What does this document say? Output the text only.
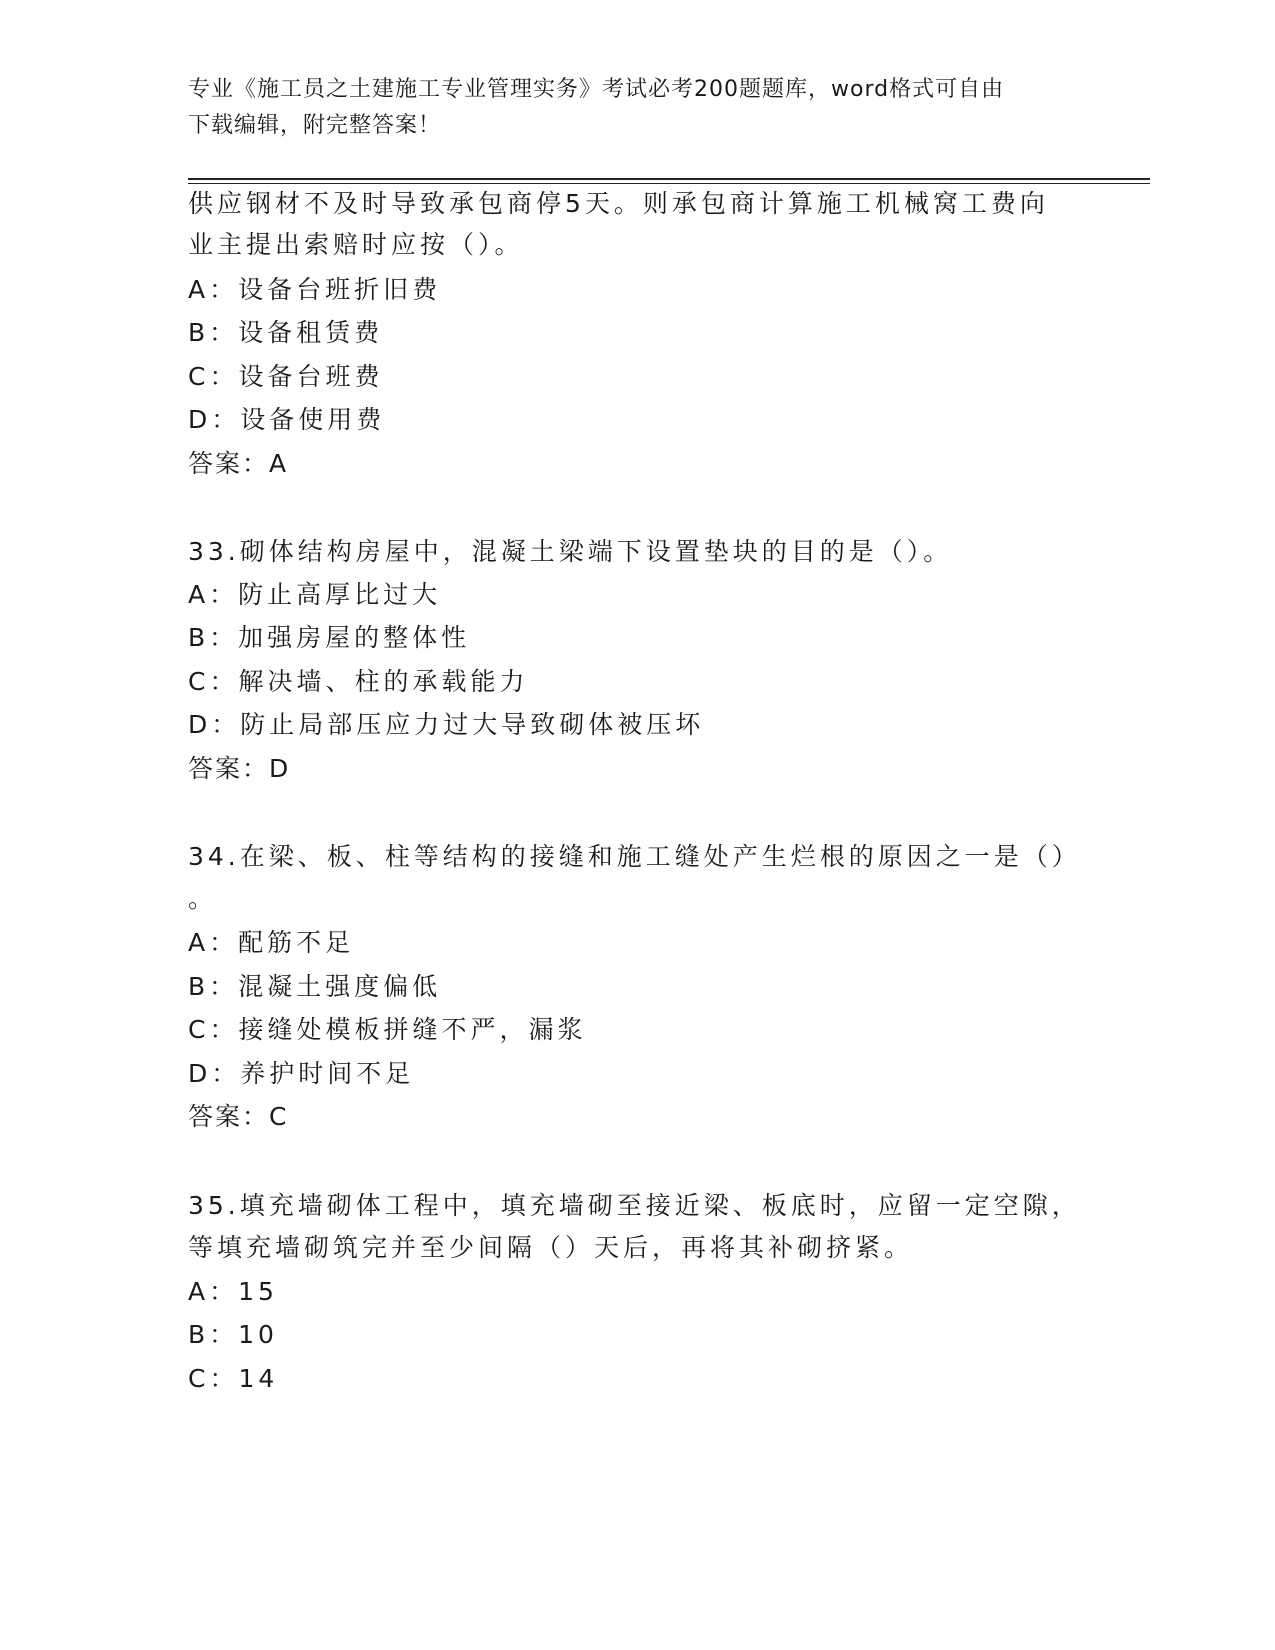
专业《施工员之土建施工专业管理实务》考试必考200题题库，word格式可自由
下载编辑，附完整答案！
供应钢材不及时导致承包商停5天。则承包商计算施工机械窝工费向
业主提出索赔时应按（）。
A：设备台班折旧费
B：设备租赁费
C：设备台班费
D：设备使用费
答案：A
33.砌体结构房屋中，混凝土梁端下设置垫块的目的是（）。
A：防止高厚比过大
B：加强房屋的整体性
C：解决墙、柱的承载能力
D：防止局部压应力过大导致砌体被压坏
答案：D
34.在梁、板、柱等结构的接缝和施工缝处产生烂根的原因之一是（）
。
A：配筋不足
B：混凝土强度偏低
C：接缝处模板拼缝不严，漏浆
D：养护时间不足
答案：C
35.填充墙砌体工程中，填充墙砌至接近梁、板底时，应留一定空隙，
等填充墙砌筑完并至少间隔（）天后，再将其补砌挤紧。
A：15
B：10
C：14
